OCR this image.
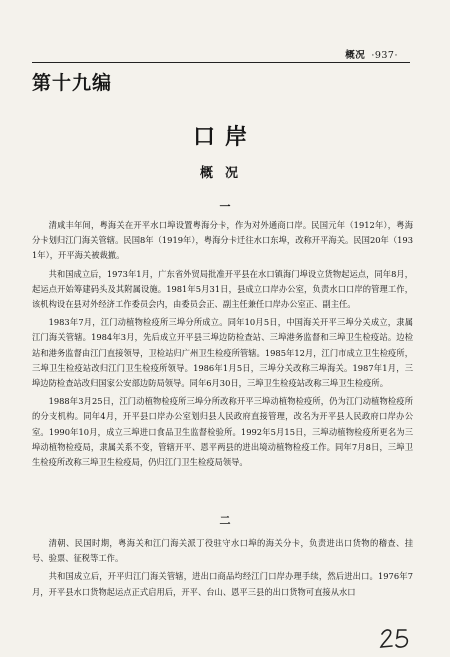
概况 ·937·
第十九编
口岸
概况
一

清咸丰年间，粤海关在开平水口埠设置粤海分卡，作为对外通商口岸。民国元年（1912年），粤海分卡划归江门海关管辖。民国8年（1919年），粤海分卡迁往水口东埠，改称开平海关。民国20年（1931年），开平海关被裁撤。

共和国成立后，1973年1月，广东省外贸局批准开平县在水口镇海门埠设立货物起运点，同年8月，起运点开始筹建码头及其附属设施。1981年5月31日，县成立口岸办公室，负责水口口岸的管理工作，该机构设在县对外经济工作委员会内，由委员会正、副主任兼任口岸办公室正、副主任。

1983年7月，江门动植物检疫所三埠分所成立。同年10月5日，中国海关开平三埠分关成立，隶属江门海关管辖。1984年3月，先后成立开平县三埠边防检查站、三埠港务监督和三埠卫生检疫站。边检站和港务监督由江门直接领导，卫检站归广州卫生检疫所管辖。1985年12月，江门市成立卫生检疫所，三埠卫生检疫站改归江门卫生检疫所领导。1986年1月5日，三埠分关改称三埠海关。1987年1月，三埠边防检查站改归国家公安部边防局领导。同年6月30日，三埠卫生检疫站改称三埠卫生检疫所。

1988年3月25日，江门动植物检疫所三埠分所改称开平三埠动植物检疫所，仍为江门动植物检疫所的分支机构。同年4月，开平县口岸办公室划归县人民政府直接管理，改名为开平县人民政府口岸办公室。1990年10月，成立三埠进口食品卫生监督检验所。1992年5月15日，三埠动植物检疫所更名为三埠动植物检疫局，隶属关系不变，管辖开平、恩平两县的进出境动植物检疫工作。同年7月8日，三埠卫生检疫所改称三埠卫生检疫局，仍归江门卫生检疫局领导。

二

清朝、民国时期，粤海关和江门海关派丁役驻守水口埠的海关分卡，负责进出口货物的稽查、挂号、验票、征税等工作。

共和国成立后，开平归江门海关管辖，进出口商品均经江门口岸办理手续，然后进出口。1976年7月，开平县水口货物起运点正式启用后，开平、台山、恩平三县的出口货物可直接从水口
